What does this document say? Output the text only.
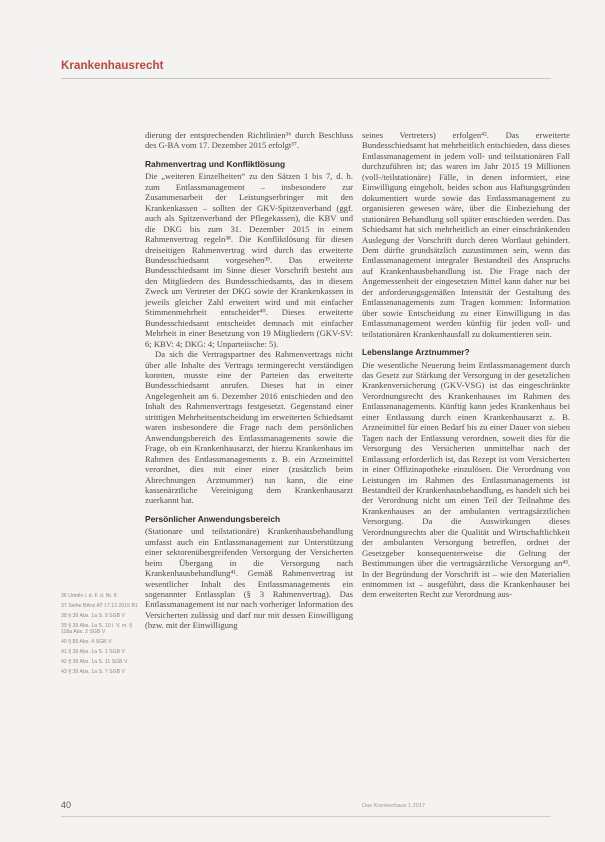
Krankenhausrecht

dierung der entsprechenden Richtlinien³⁶ durch Beschluss des G-BA vom 17. Dezember 2015 erfolgt³⁷.

Rahmenvertrag und Konfliktlösung

Die „weiteren Einzelheiten“ zu den Sätzen 1 bis 7, d. h. zum Entlassmanagement – insbesondere zur Zusammenarbeit der Leistungserbringer mit den Krankenkassen – sollten der GKV-Spitzenverband (ggf. auch als Spitzenverband der Pflegekassen), die KBV und die DKG bis zum 31. Dezember 2015 in einem Rahmenvertrag regeln³⁸. Die Konfliktlösung für diesen dreiseitigen Rahmenvertrag wird durch das erweiterte Bundesschiedsamt vorgesehen³⁹. Das erweiterte Bundesschiedsamt im Sinne dieser Vorschrift besteht aus den Mitgliedern des Bundesschiedsamts, das in diesem Zweck um Vertreter der DKG sowie der Krankenkassen in jeweils gleicher Zahl erweitert wird und mit einfacher Stimmenmehrheit entscheidet⁴⁰. Dieses erweiterte Bundesschiedsamt entscheidet demnach mit einfacher Mehrheit in einer Besetzung von 19 Mitgliedern (GKV-SV: 6; KBV: 4; DKG: 4; Unparteiische: 5).

Da sich die Vertragspartner des Rahmenvertrags nicht über alle Inhalte des Vertrags termingerecht verständigen konnten, musste eine der Parteien das erweiterte Bundesschiedsamt anrufen. Dieses hat in einer Angelegenheit am 6. Dezember 2016 entschieden und den Inhalt des Rahmenvertrags festgesetzt. Gegenstand einer strittigen Mehrheitsentscheidung im erweiterten Schiedsamt waren insbesondere die Frage nach dem persönlichen Anwendungsbereich des Entlassmanagements sowie die Frage, ob ein Krankenhausarzt, der hierzu Krankenhaus im Rahmen des Entlassmanagements z. B. ein Arzneimittel verordnet, dies mit einer einer (zusätzlich beim Abrechnungen Arztnummer) tun kann, die eine kassenärztliche Vereinigung dem Krankenhausarzt zuerkannt hat.

Persönlicher Anwendungsbereich

(Stationare und teilstationäre) Krankenhausbehandlung umfasst auch ein Entlassmanagement zur Unterstützung einer sektorenübergreifenden Versorgung der Versicherten beim Übergang in die Versorgung nach Krankenhausbehandlung⁴¹. Gemäß Rahmenvertrag ist wesentlicher Inhalt des Entlassmanagements ein sogenannter Entlassplan (§ 3 Rahmenvertrag). Das Entlassmanagement ist nur nach vorheriger Information des Versicherten zulässig und darf nur mit dessen Einwilligung (bzw. mit der Einwilligung

seines Vertreters) erfolgen⁴². Das erweiterte Bundesschiedsamt hat mehrheitlich entschieden, dass dieses Entlassmanagement in jedem voll- und teilstationären Fall durchzuführen ist; das waren im Jahr 2015 19 Millionen (voll-/teilstationäre) Fälle, in denen informiert, eine Einwilligung eingeholt, beides schon aus Haftungsgründen dokumentiert wurde sowie das Entlassmanagement zu organisieren gewesen wäre, über die Einbeziehung der stationären Behandlung soll später entschieden werden. Das Schiedsamt hat sich mehrheitlich an einer einschränkenden Auslegung der Vorschrift durch deren Wortlaut gehindert. Dem dürfte grundsätzlich zuzustimmen sein, wenn das Entlassmanagement integraler Bestandteil des Anspruchs auf Krankenhausbehandlung ist. Die Frage nach der Angemessenheit der eingesetzten Mittel kann daher nur bei der anforderungsgemäßen Intensität der Gestaltung des Entlassmanagements zum Tragen kommen: Information über sowie Entscheidung zu einer Einwilligung in das Entlassmanagement werden künftig für jeden voll- und teilstationären Krankenhausfall zu dokumentieren sein.

Lebenslange Arztnummer?

Die wesentliche Neuerung beim Entlassmanagement durch das Gesetz zur Stärkung der Versorgung in der gesetzlichen Krankenversicherung (GKV-VSG) ist das eingeschränkte Verordnungsrecht des Krankenhauses im Rahmen des Entlassmanagements. Künftig kann jedes Krankenhaus bei einer Entlassung durch einen Krankenhausarzt z. B. Arzneimittel für einen Bedarf bis zu einer Dauer von sieben Tagen nach der Entlassung verordnen, soweit dies für die Versorgung des Versicherten unmittelbar nach der Entlassung erforderlich ist, das Rezept ist vom Versicherten in einer Offizinapotheke einzulösen. Die Verordnung von Leistungen im Rahmen des Entlassmanagements ist Bestandteil der Krankenhausbehandlung, es handelt sich bei der Verordnung nicht um einen Teil der Teilnahme des Krankenhauses an der ambulanten vertragsärztlichen Versorgung. Da die Auswirkungen dieses Verordnungsrechts aber die Qualität und Wirtschaftlichkeit der ambulanten Versorgung betreffen, ordnet der Gesetzgeber konsequenterweise die Geltung der Bestimmungen über die vertragsärztliche Versorgung an⁴³. In der Begründung der Vorschrift ist – wie den Materialien entnommen ist – ausgeführt, dass die Krankenhauser bei dem erweiterten Recht zur Verordnung aus-

36 Urteile i. d. F. d. Nr. 8

37 Siehe BAnz AT 17.12.2015 B1

38 § 39 Abs. 1a S. 9 SGB V

39 § 39 Abs. 1a S. 10 i. V. m. § 118a Abs. 2 SGB V

40 § 89 Abs. 4 SGB V

41 § 39 Abs. 1a S. 1 SGB V

42 § 39 Abs. 1a S. 11 SGB V

43 § 39 Abs. 1a S. 7 SGB V

40	Das Krankenhaus 1.2017
